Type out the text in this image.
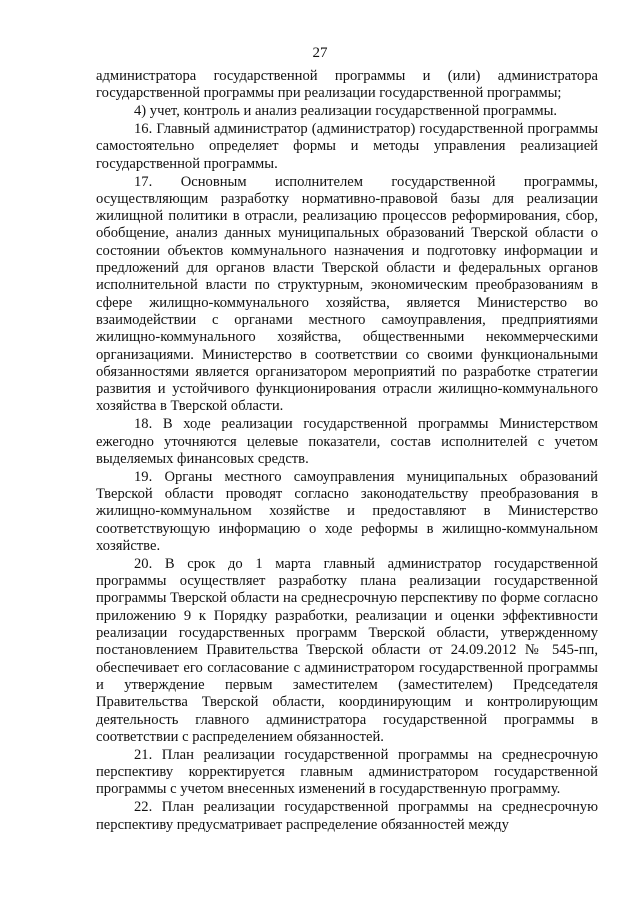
27

администратора государственной программы и (или) администратора государственной программы при реализации государственной программы;

4) учет, контроль и анализ реализации государственной программы.

16. Главный администратор (администратор) государственной программы самостоятельно определяет формы и методы управления реализацией государственной программы.

17. Основным исполнителем государственной программы, осуществляющим разработку нормативно-правовой базы для реализации жилищной политики в отрасли, реализацию процессов реформирования, сбор, обобщение, анализ данных муниципальных образований Тверской области о состоянии объектов коммунального назначения и подготовку информации и предложений для органов власти Тверской области и федеральных органов исполнительной власти по структурным, экономическим преобразованиям в сфере жилищно-коммунального хозяйства, является Министерство во взаимодействии с органами местного самоуправления, предприятиями жилищно-коммунального хозяйства, общественными некоммерческими организациями. Министерство в соответствии со своими функциональными обязанностями является организатором мероприятий по разработке стратегии развития и устойчивого функционирования отрасли жилищно-коммунального хозяйства в Тверской области.

18. В ходе реализации государственной программы Министерством ежегодно уточняются целевые показатели, состав исполнителей с учетом выделяемых финансовых средств.

19. Органы местного самоуправления муниципальных образований Тверской области проводят согласно законодательству преобразования в жилищно-коммунальном хозяйстве и предоставляют в Министерство соответствующую информацию о ходе реформы в жилищно-коммунальном хозяйстве.

20. В срок до 1 марта главный администратор государственной программы осуществляет разработку плана реализации государственной программы Тверской области на среднесрочную перспективу по форме согласно приложению 9 к Порядку разработки, реализации и оценки эффективности реализации государственных программ Тверской области, утвержденному постановлением Правительства Тверской области от 24.09.2012 № 545-пп, обеспечивает его согласование с администратором государственной программы и утверждение первым заместителем (заместителем) Председателя Правительства Тверской области, координирующим и контролирующим деятельность главного администратора государственной программы в соответствии с распределением обязанностей.

21. План реализации государственной программы на среднесрочную перспективу корректируется главным администратором государственной программы с учетом внесенных изменений в государственную программу.

22. План реализации государственной программы на среднесрочную перспективу предусматривает распределение обязанностей между
